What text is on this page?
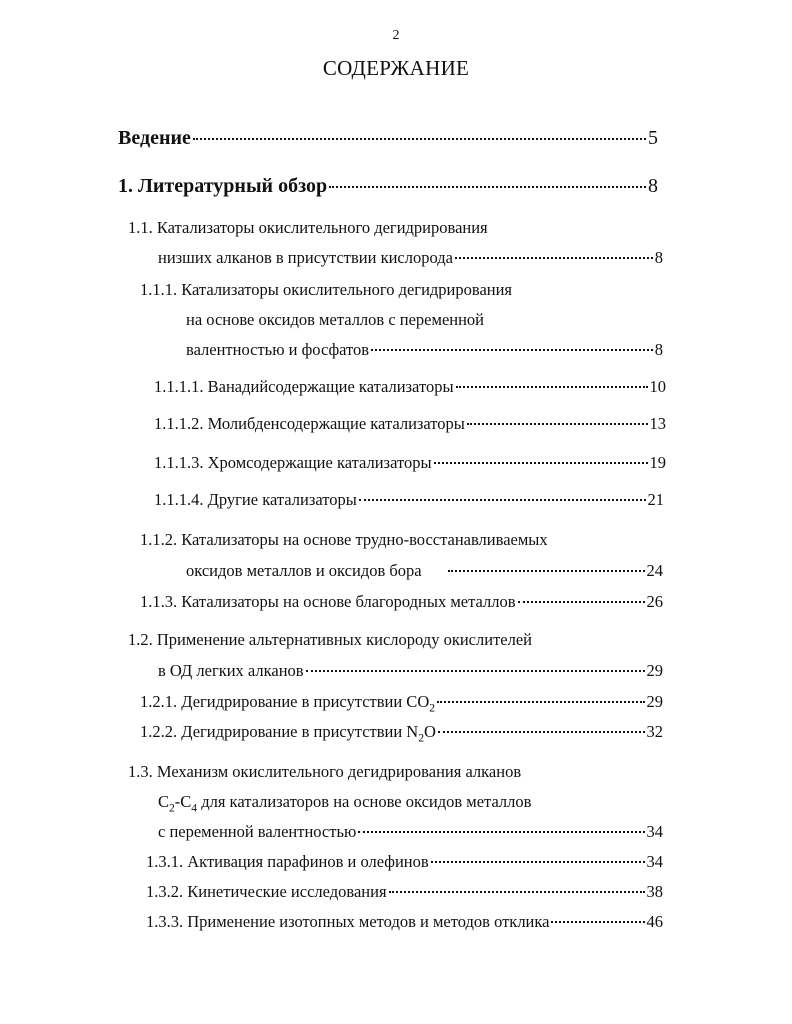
2
СОДЕРЖАНИЕ
Ведение	5
1. Литературный обзор	8
1.1. Катализаторы окислительного дегидрирования
низших алканов в присутствии кислорода	8
1.1.1. Катализаторы окислительного дегидрирования
на основе оксидов металлов с переменной
валентностью и фосфатов	8
1.1.1.1. Ванадийсодержащие катализаторы	10
1.1.1.2. Молибденсодержащие катализаторы	13
1.1.1.3. Хромсодержащие катализаторы	19
1.1.1.4. Другие катализаторы	21
1.1.2. Катализаторы на основе трудно-восстанавливаемых
оксидов металлов и оксидов бора	24
1.1.3. Катализаторы на основе благородных металлов	26
1.2. Применение альтернативных кислороду окислителей
в ОД легких алканов	29
1.2.1. Дегидрирование в присутствии $CO_2$	29
1.2.2. Дегидрирование в присутствии $N_2O$	32
1.3. Механизм окислительного дегидрирования алканов
$C_2-C_4$ для катализаторов на основе оксидов металлов
с переменной валентностью	34
1.3.1. Активация парафинов и олефинов	34
1.3.2. Кинетические исследования	38
1.3.3. Применение изотопных методов и методов отклика	46
